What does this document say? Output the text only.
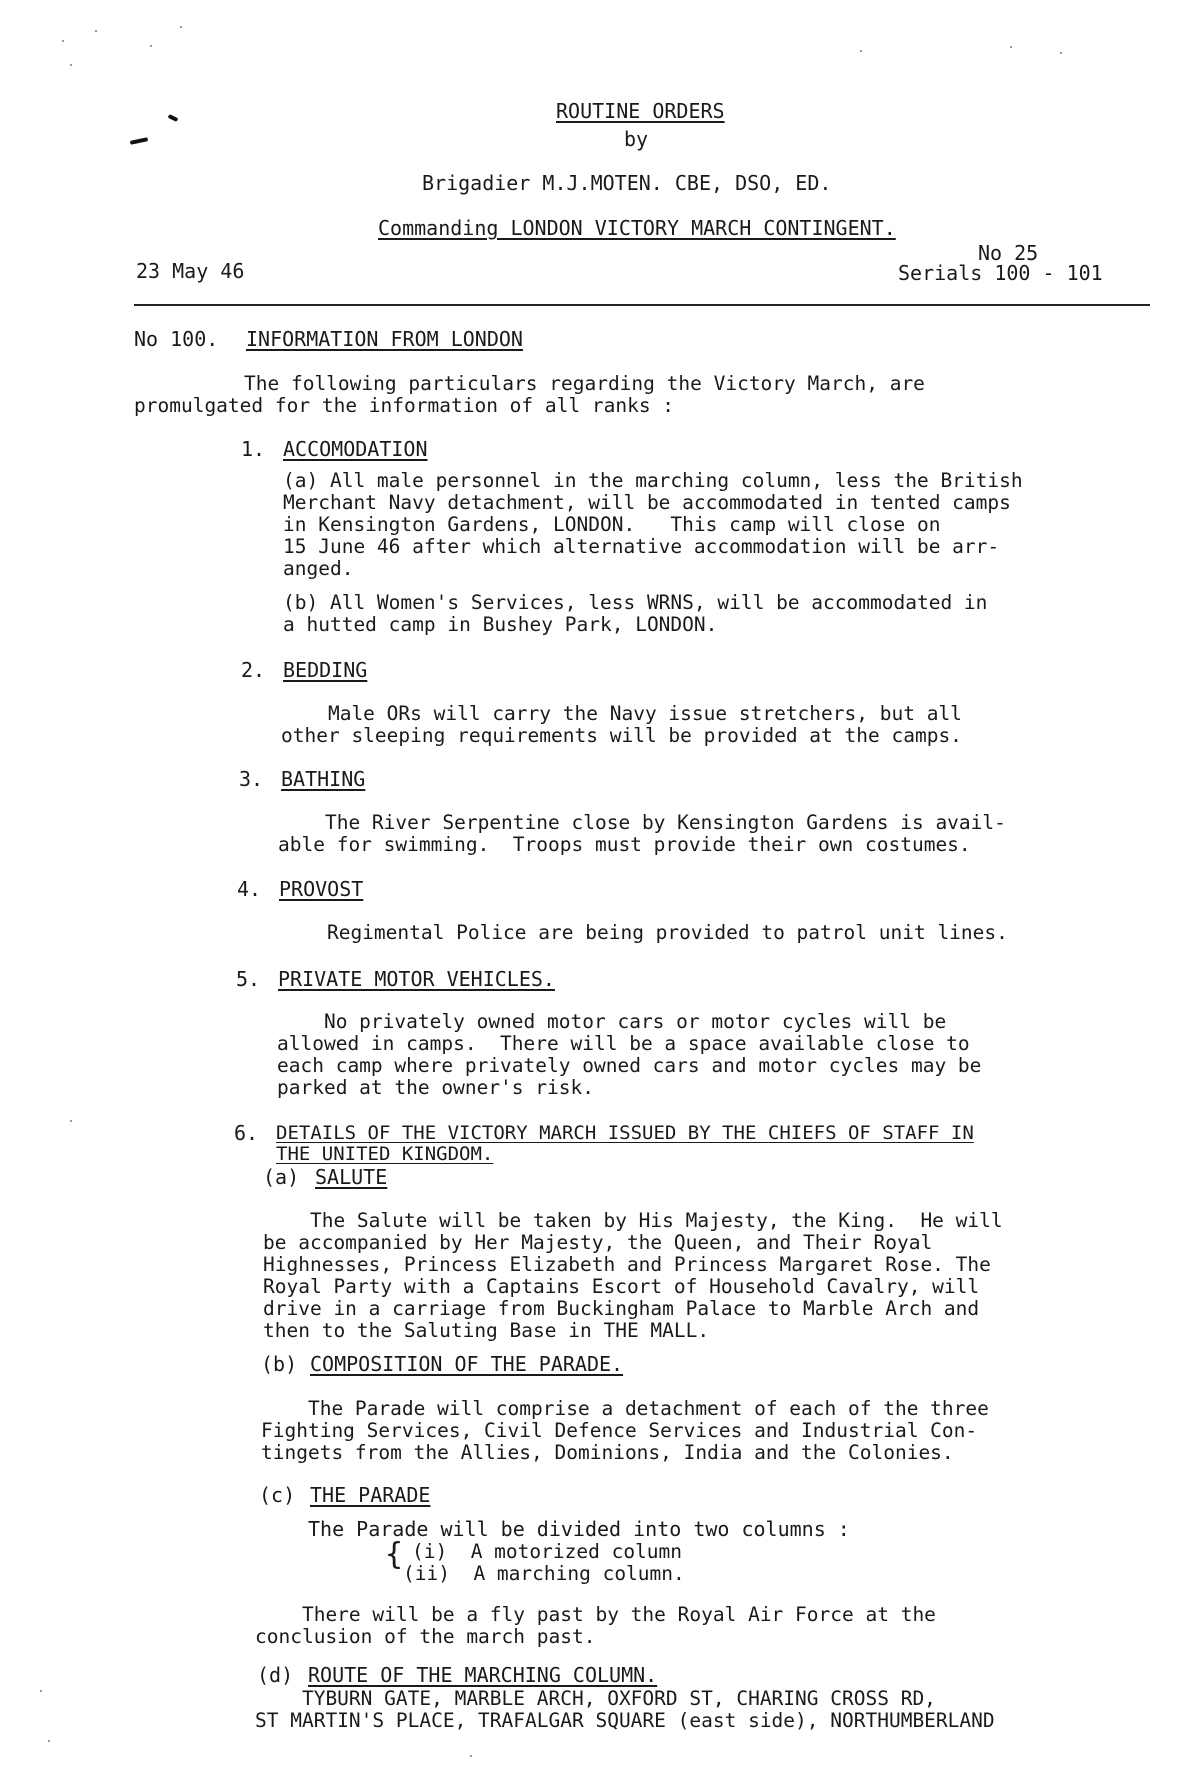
ROUTINE ORDERS
by
Brigadier M.J.MOTEN. CBE, DSO, ED.
Commanding LONDON VICTORY MARCH CONTINGENT.
23 May 46
No 25
Serials 100 - 101
No 100. INFORMATION FROM LONDON
The following particulars regarding the Victory March, are
promulgated for the information of all ranks :
1. ACCOMODATION
(a) All male personnel in the marching column, less the British
Merchant Navy detachment, will be accommodated in tented camps
in Kensington Gardens, LONDON.   This camp will close on
15 June 46 after which alternative accommodation will be arr-
anged.
(b) All Women's Services, less WRNS, will be accommodated in
a hutted camp in Bushey Park, LONDON.
2. BEDDING
Male ORs will carry the Navy issue stretchers, but all
other sleeping requirements will be provided at the camps.
3. BATHING
The River Serpentine close by Kensington Gardens is avail-
able for swimming.  Troops must provide their own costumes.
4. PROVOST
Regimental Police are being provided to patrol unit lines.
5. PRIVATE MOTOR VEHICLES.
No privately owned motor cars or motor cycles will be
allowed in camps.  There will be a space available close to
each camp where privately owned cars and motor cycles may be
parked at the owner's risk.
6. DETAILS OF THE VICTORY MARCH ISSUED BY THE CHIEFS OF STAFF IN
THE UNITED KINGDOM.
(a) SALUTE
The Salute will be taken by His Majesty, the King.  He will
be accompanied by Her Majesty, the Queen, and Their Royal
Highnesses, Princess Elizabeth and Princess Margaret Rose. The
Royal Party with a Captains Escort of Household Cavalry, will
drive in a carriage from Buckingham Palace to Marble Arch and
then to the Saluting Base in THE MALL.
(b) COMPOSITION OF THE PARADE.
The Parade will comprise a detachment of each of the three
Fighting Services, Civil Defence Services and Industrial Con-
tingets from the Allies, Dominions, India and the Colonies.
(c) THE PARADE
The Parade will be divided into two columns :
{ (i)  A motorized column
(ii)  A marching column.
There will be a fly past by the Royal Air Force at the
conclusion of the march past.
(d) ROUTE OF THE MARCHING COLUMN.
TYBURN GATE, MARBLE ARCH, OXFORD ST, CHARING CROSS RD,
ST MARTIN'S PLACE, TRAFALGAR SQUARE (east side), NORTHUMBERLAND
